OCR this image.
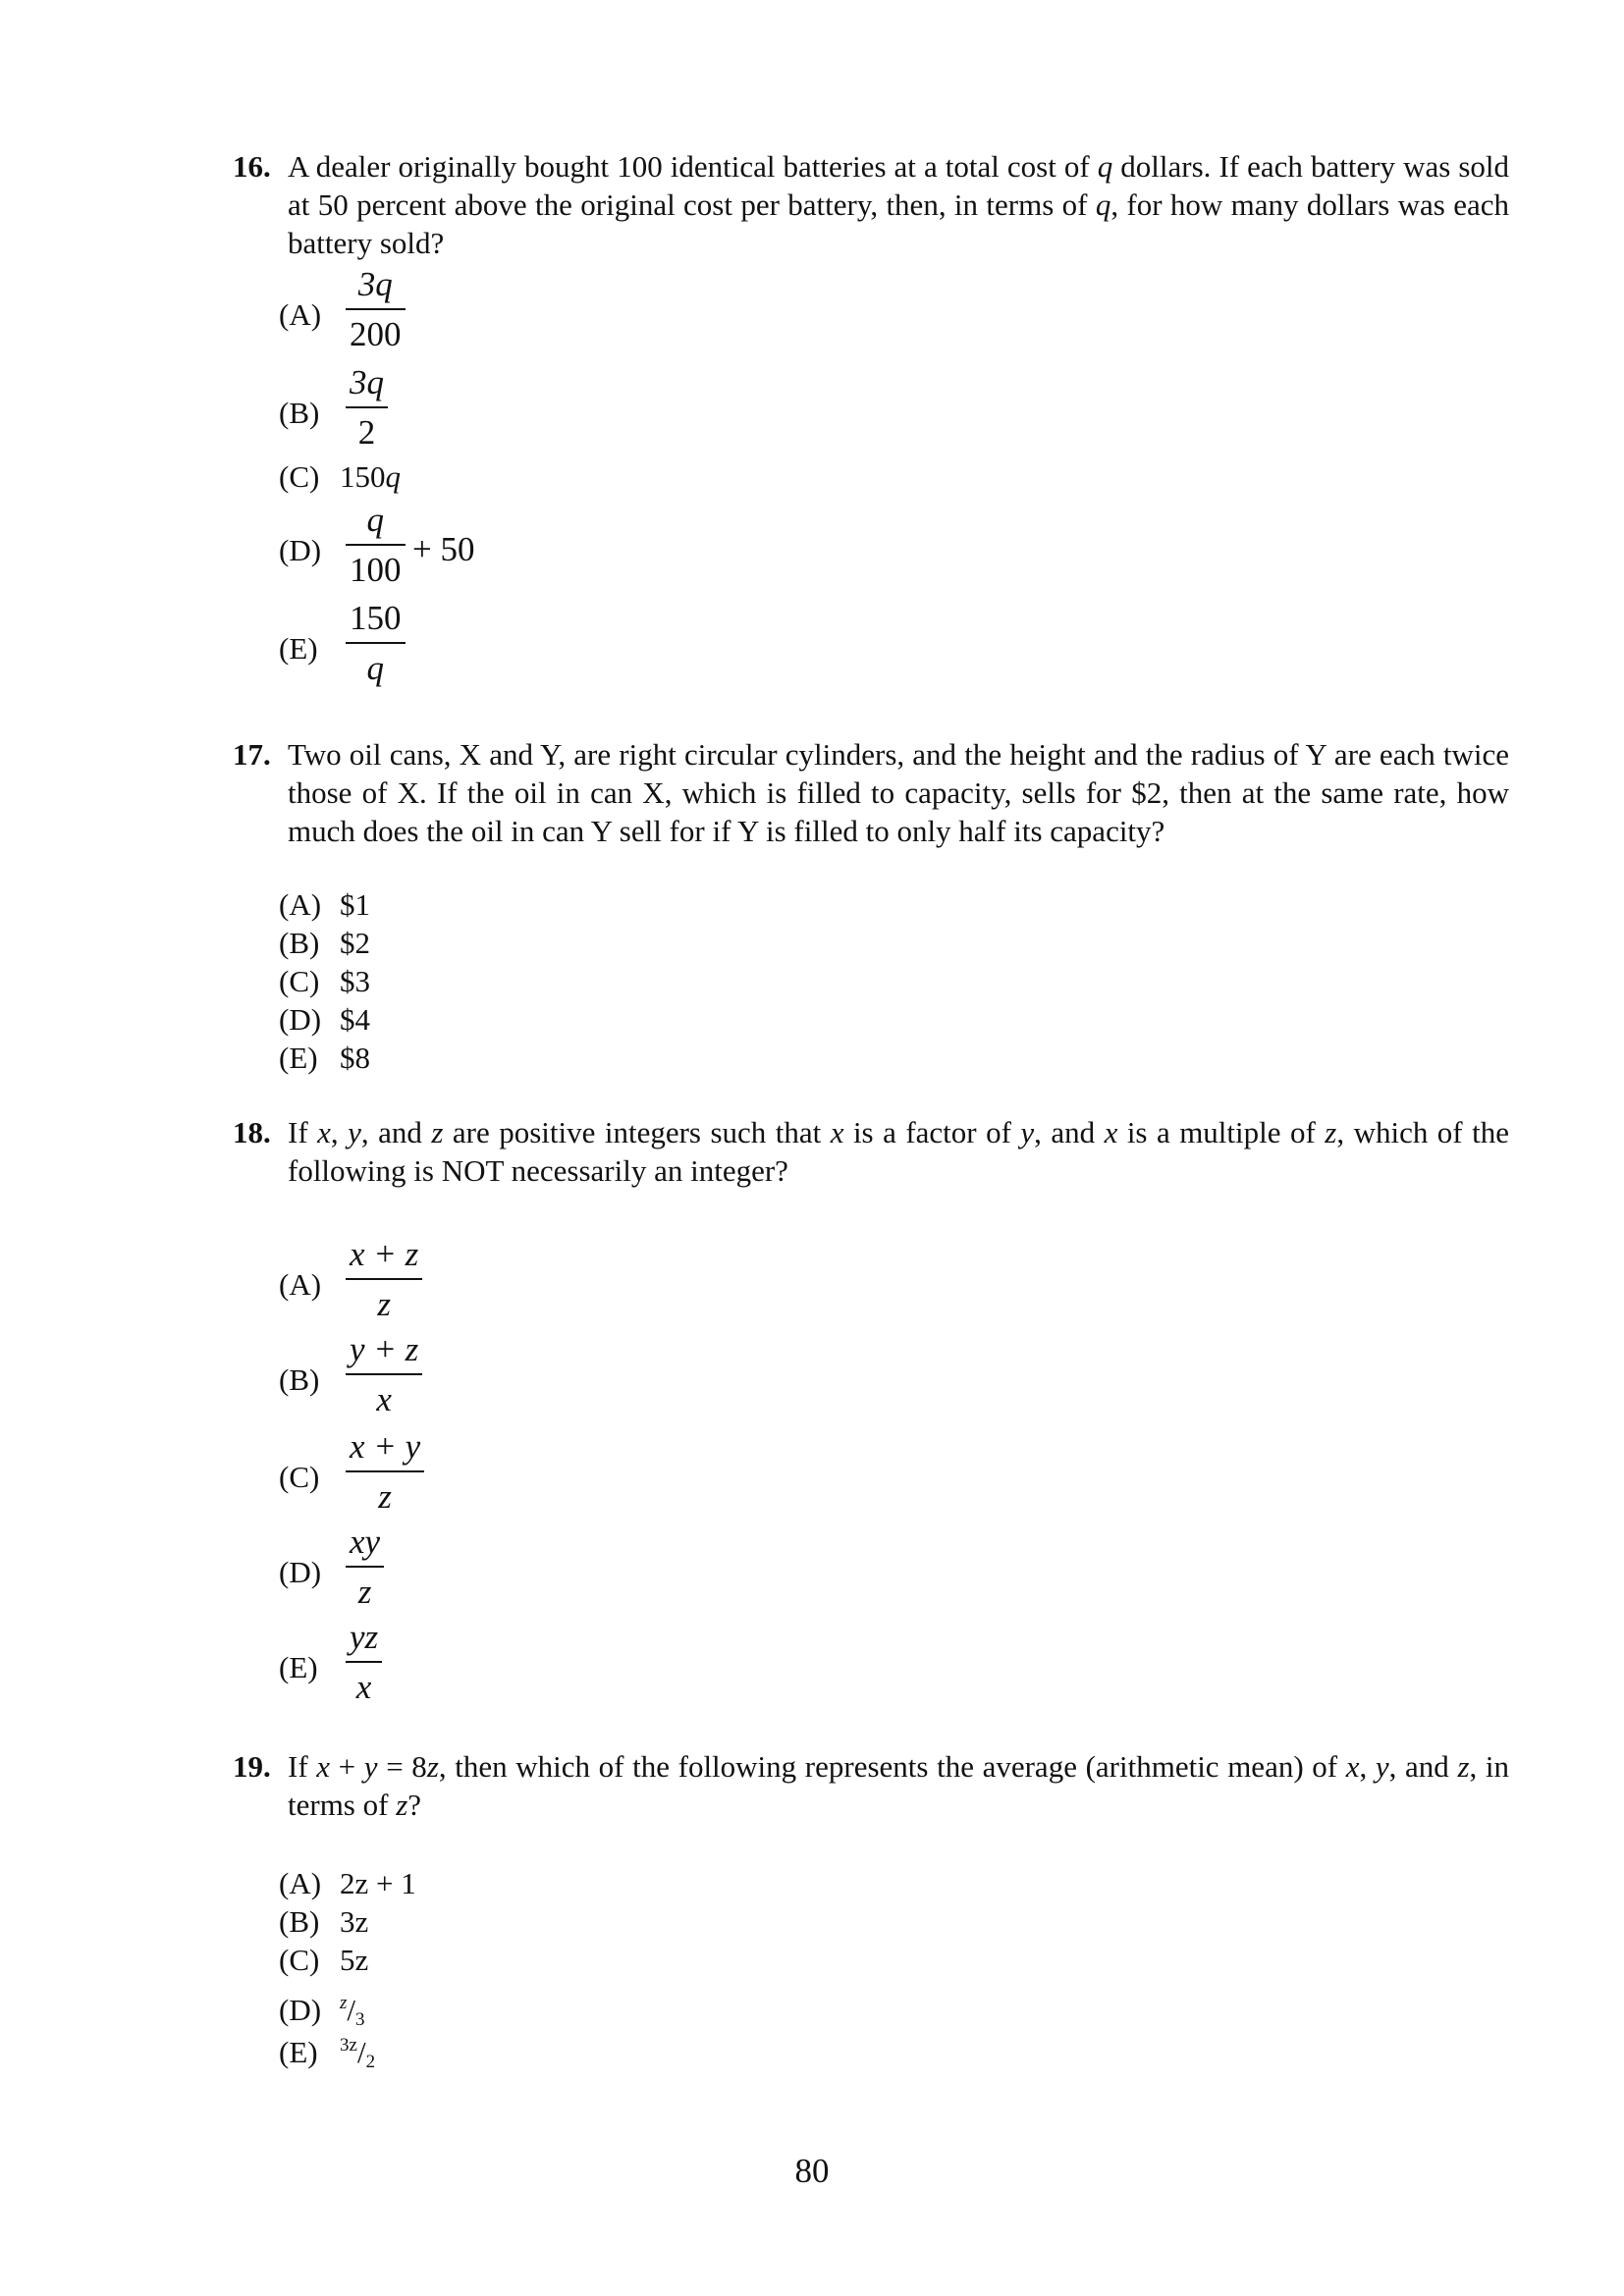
16. A dealer originally bought 100 identical batteries at a total cost of q dollars. If each battery was sold at 50 percent above the original cost per battery, then, in terms of q, for how many dollars was each battery sold?
(A)
3q
200
(B)
3q
2
(C) 150q
(D)
q
100
+ 50
(E)
150
q
17. Two oil cans, X and Y, are right circular cylinders, and the height and the radius of Y are each twice those of X. If the oil in can X, which is filled to capacity, sells for $2, then at the same rate, how much does the oil in can Y sell for if Y is filled to only half its capacity?
(A) $1
(B) $2
(C) $3
(D) $4
(E) $8
18. If x, y, and z are positive integers such that x is a factor of y, and x is a multiple of z, which of the following is NOT necessarily an integer?
(A)
x + z
z
(B)
y + z
x
(C)
x + y
z
(D)
xy
z
(E)
yz
x
19. If x + y = 8z, then which of the following represents the average (arithmetic mean) of x, y, and z, in terms of z?
(A) 2z + 1
(B) 3z
(C) 5z
(D) $^z$/3
(E) $^{3z}$/2
80
